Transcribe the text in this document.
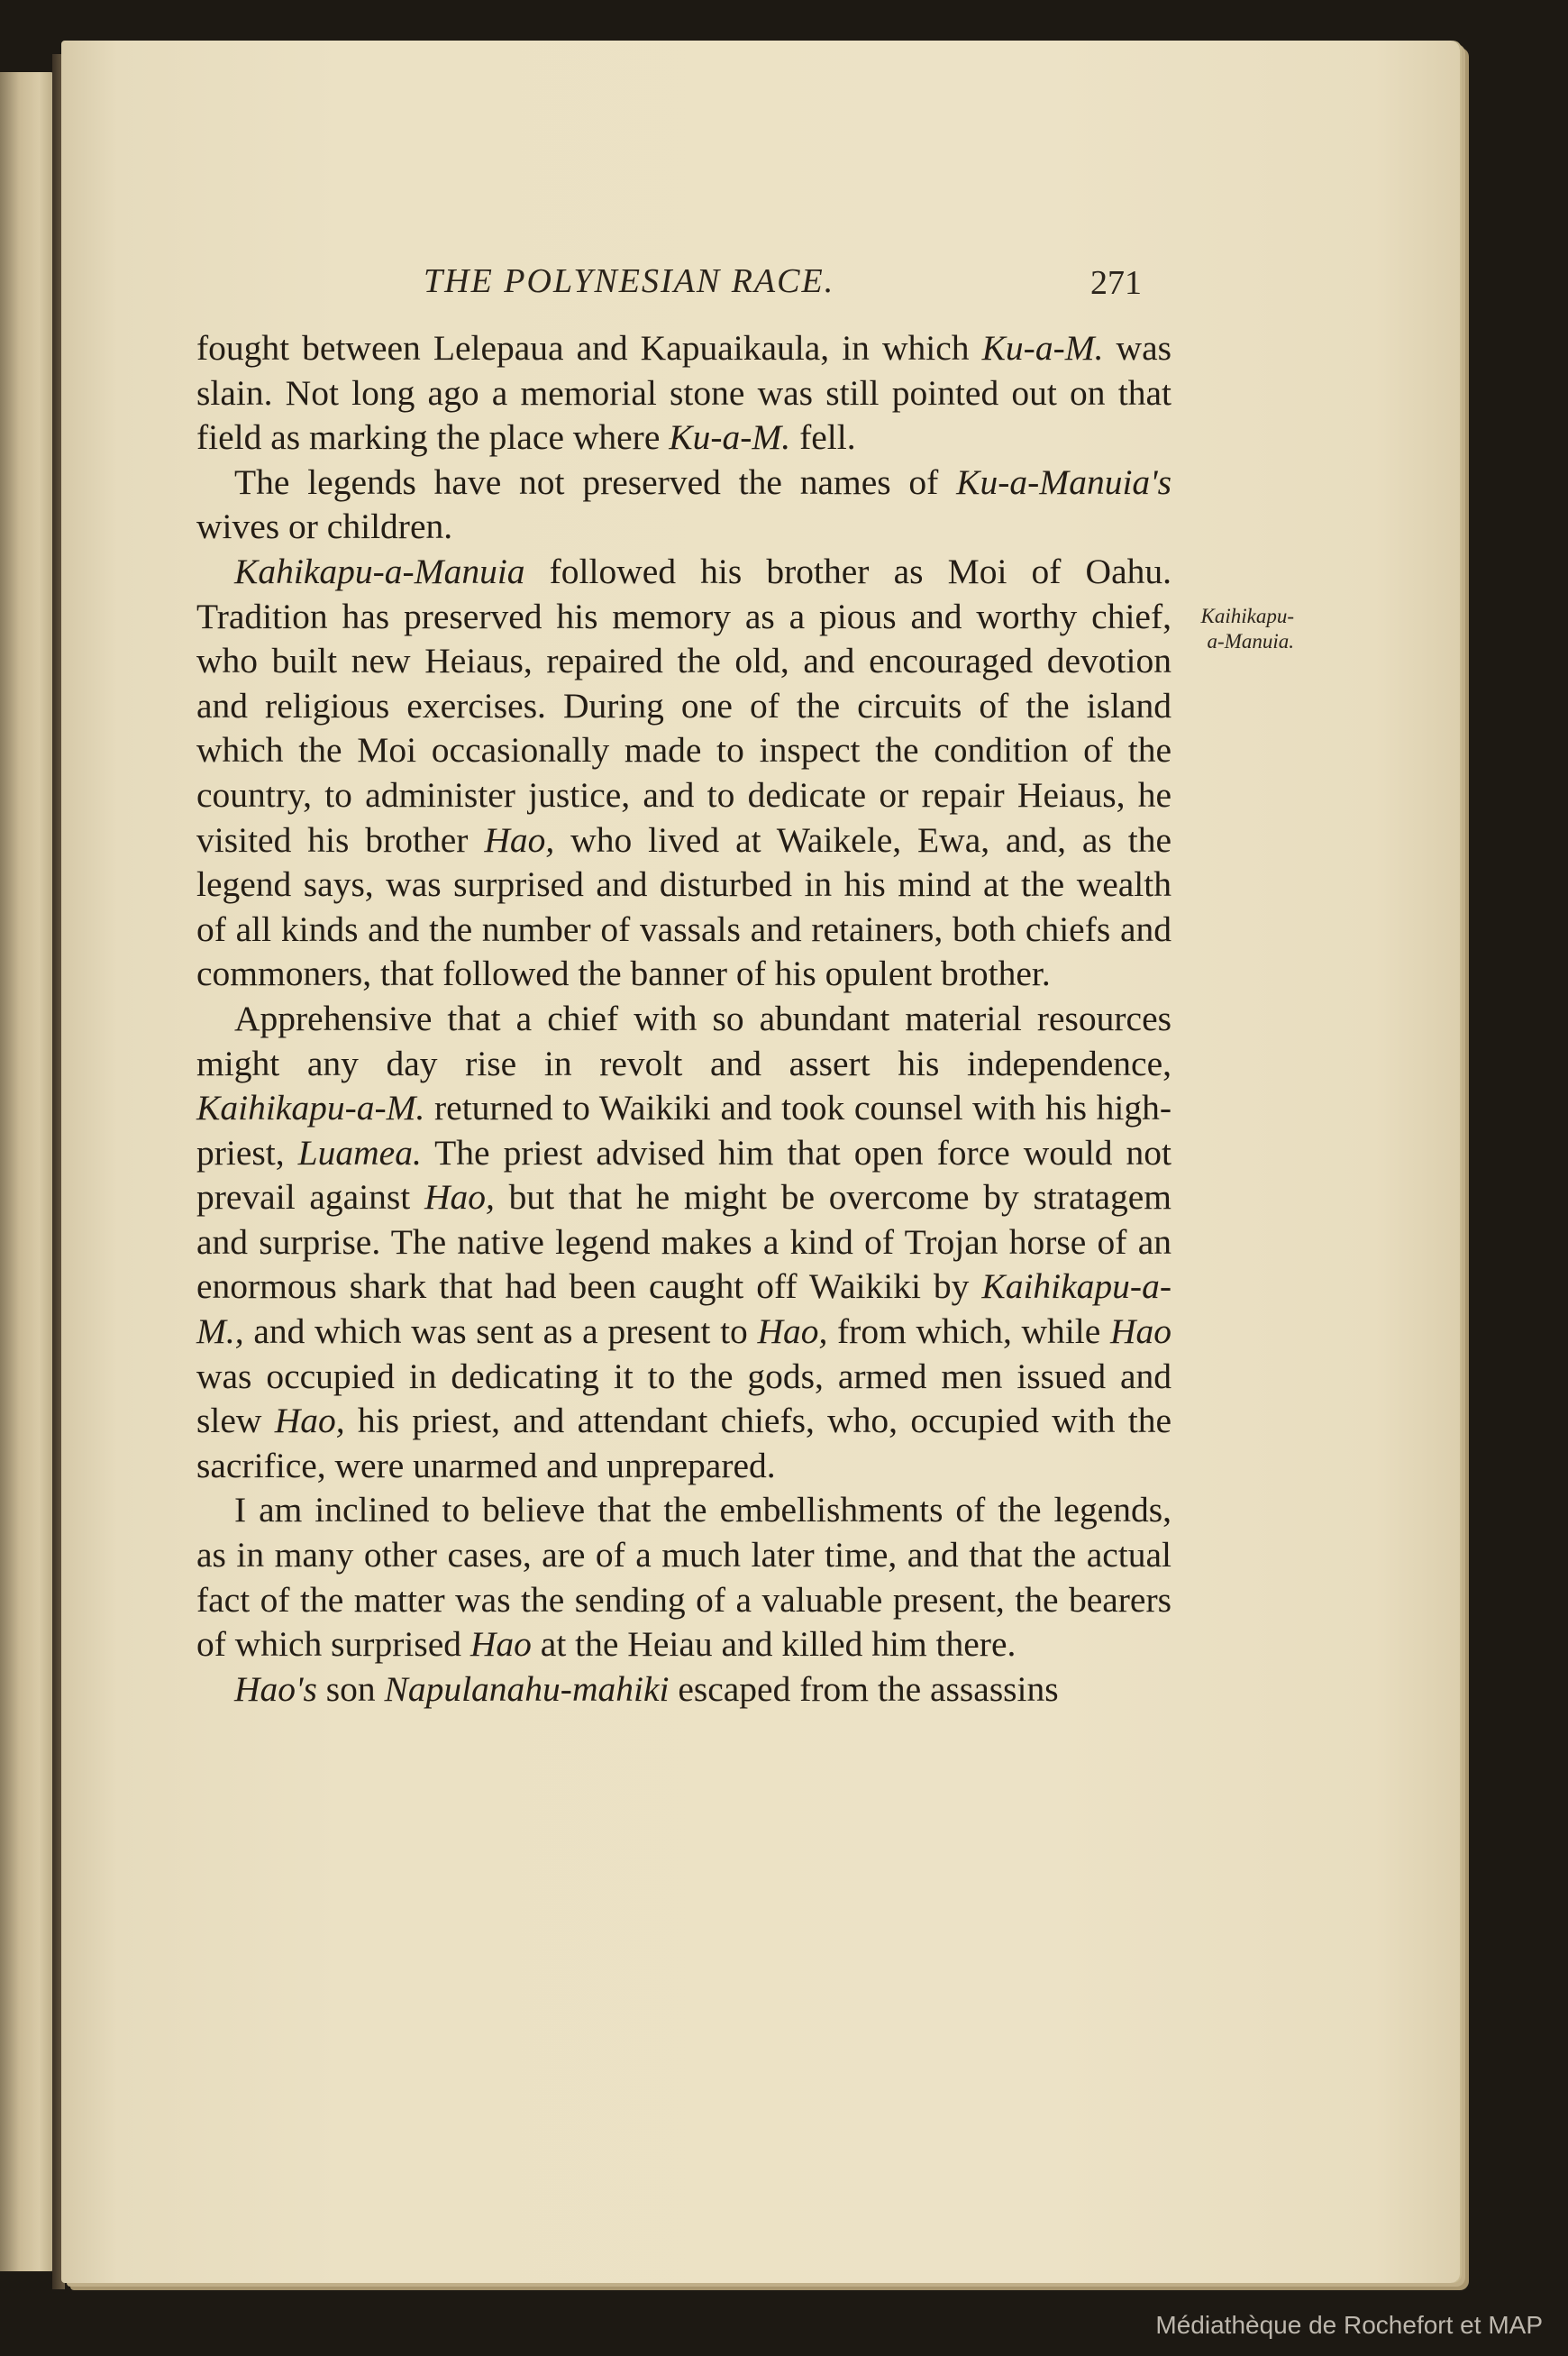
THE POLYNESIAN RACE.	271
Kaihikapu-
a-Manuia.

fought between Lelepaua and Kapuaikaula, in which Ku-a-M. was slain. Not long ago a memorial stone was still pointed out on that field as marking the place where Ku-a-M. fell.

The legends have not preserved the names of Ku-a-Manuia's wives or children.

Kahikapu-a-Manuia followed his brother as Moi of Oahu. Tradition has preserved his memory as a pious and worthy chief, who built new Heiaus, repaired the old, and encouraged devotion and religious exercises. During one of the circuits of the island which the Moi occasionally made to inspect the condition of the country, to administer justice, and to dedicate or repair Heiaus, he visited his brother Hao, who lived at Waikele, Ewa, and, as the legend says, was surprised and disturbed in his mind at the wealth of all kinds and the number of vassals and retainers, both chiefs and commoners, that followed the banner of his opulent brother.

Apprehensive that a chief with so abundant material resources might any day rise in revolt and assert his independence, Kaihikapu-a-M. returned to Waikiki and took counsel with his high-priest, Luamea. The priest advised him that open force would not prevail against Hao, but that he might be overcome by stratagem and surprise. The native legend makes a kind of Trojan horse of an enormous shark that had been caught off Waikiki by Kaihikapu-a-M., and which was sent as a present to Hao, from which, while Hao was occupied in dedicating it to the gods, armed men issued and slew Hao, his priest, and attendant chiefs, who, occupied with the sacrifice, were unarmed and unprepared.

I am inclined to believe that the embellishments of the legends, as in many other cases, are of a much later time, and that the actual fact of the matter was the sending of a valuable present, the bearers of which surprised Hao at the Heiau and killed him there.

Hao's son Napulanahu-mahiki escaped from the assassins

Médiathèque de Rochefort et MAP
